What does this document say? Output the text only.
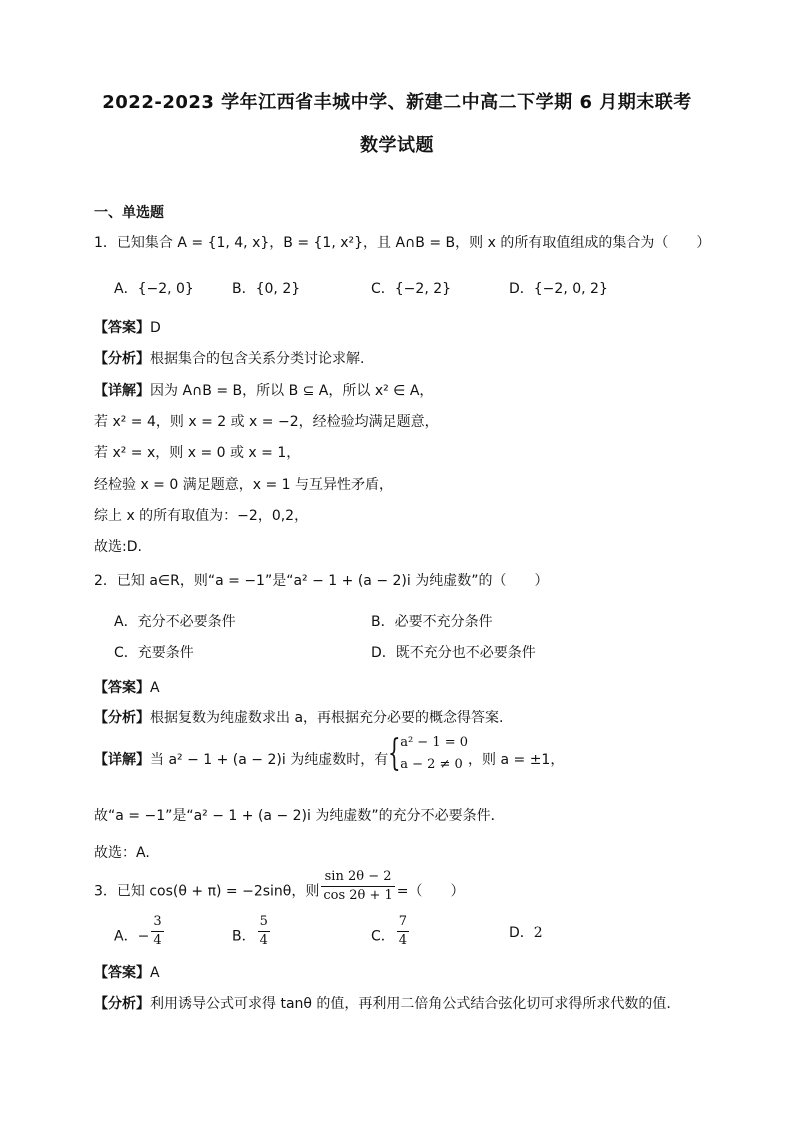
2022-2023 学年江西省丰城中学、新建二中高二下学期 6 月期末联考
数学试题
一、单选题
1．已知集合 A = {1, 4, x}，B = {1, x²}，且 A∩B = B，则 x 的所有取值组成的集合为（　　）
A．{−2, 0}	B．{0, 2}	C．{−2, 2}	D．{−2, 0, 2}
【答案】D
【分析】根据集合的包含关系分类讨论求解.
【详解】因为 A∩B = B，所以 B ⊆ A，所以 x² ∈ A，
若 x² = 4，则 x = 2 或 x = −2，经检验均满足题意，
若 x² = x，则 x = 0 或 x = 1，
经检验 x = 0 满足题意，x = 1 与互异性矛盾，
综上 x 的所有取值为：−2，0,2，
故选:D.
2．已知 a∈R，则“a = −1”是“a² − 1 + (a − 2)i 为纯虚数”的（　　）
A．充分不必要条件	B．必要不充分条件
C．充要条件	D．既不充分也不必要条件
【答案】A
【分析】根据复数为纯虚数求出 a，再根据充分必要的概念得答案.
【详解】当 a² − 1 + (a − 2)i 为纯虚数时，有 { a² − 1 = 0
a − 2 ≠ 0 ，则 a = ±1，
故“a = −1”是“a² − 1 + (a − 2)i 为纯虚数”的充分不必要条件．
故选：A.
3．已知 cos(θ + π) = −2sinθ，则 $\frac{\sin 2\theta - 2}{\cos 2\theta + 1}$ =（　　）
A．− $\frac{3}{4}$	B． $\frac{5}{4}$	C． $\frac{7}{4}$	D．2
【答案】A
【分析】利用诱导公式可求得 tanθ 的值，再利用二倍角公式结合弦化切可求得所求代数的值.
